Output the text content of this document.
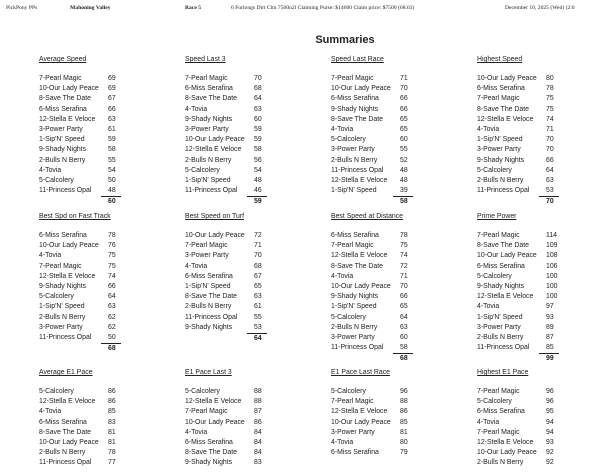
PickPony PPs	Mahoning Valley	Race 5	6 Furlongs Dirt Clm 7500n2l Claiming Purse: $14600 Claim price: $7500 (68.63)	December 10, 2025 (Wed) (2:0
Summaries
Average Speed
7-Pearl Magic	69
10-Our Lady Peace 69
8-Save The Date 67
6-Miss Serafina	66
12-Stella E Veloce 63
3-Power Party	61
1-Sip'N' Speed	59
9-Shady Nights	58
2-Bulls N Berry	55
4-Tovia	54
5-Calcolery	50
11-Princess Opal 48
60
Speed Last 3
7-Pearl Magic	70
6-Miss Serafina	68
8-Save The Date 64
4-Tovia	63
9-Shady Nights	60
3-Power Party	59
10-Our Lady Peace 59
12-Stella E Veloce 58
2-Bulls N Berry	56
5-Calcolery	54
1-Sip'N' Speed	48
11-Princess Opal 46
59
Speed Last Race
7-Pearl Magic	71
10-Our Lady Peace 70
6-Miss Serafina	66
9-Shady Nights	66
8-Save The Date 65
4-Tovia	65
5-Calcolery	60
3-Power Party	55
2-Bulls N Berry	52
11-Princess Opal 48
12-Stella E Veloce 48
1-Sip'N' Speed	39
58
Highest Speed
10-Our Lady Peace 80
6-Miss Serafina	78
7-Pearl Magic	75
8-Save The Date 75
12-Stella E Veloce 74
4-Tovia	71
1-Sip'N' Speed	70
3-Power Party	70
9-Shady Nights	66
5-Calcolery	64
2-Bulls N Berry	63
11-Princess Opal 53
70
Best Spd on Fast Track
6-Miss Serafina	78
10-Our Lady Peace 76
4-Tovia	75
7-Pearl Magic	75
12-Stella E Veloce 74
9-Shady Nights	66
5-Calcolery	64
1-Sip'N' Speed	63
2-Bulls N Berry	62
3-Power Party	62
11-Princess Opal 50
68
Best Speed on Turf
10-Our Lady Peace 72
7-Pearl Magic	71
3-Power Party	70
4-Tovia	68
6-Miss Serafina	67
1-Sip'N' Speed	65
8-Save The Date 63
2-Bulls N Berry	61
11-Princess Opal 55
9-Shady Nights	53
64
Best Speed at Distance
6-Miss Serafina	78
7-Pearl Magic	75
12-Stella E Veloce 74
8-Save The Date 72
4-Tovia	71
10-Our Lady Peace 70
9-Shady Nights	66
1-Sip'N' Speed	65
5-Calcolery	64
2-Bulls N Berry	63
3-Power Party	60
11-Princess Opal 58
68
Prime Power
7-Pearl Magic	114
8-Save The Date 109
10-Our Lady Peace 108
6-Miss Serafina	106
5-Calcolery	100
9-Shady Nights	100
12-Stella E Veloce 100
4-Tovia	97
1-Sip'N' Speed	93
3-Power Party	89
2-Bulls N Berry	87
11-Princess Opal 85
99
Average E1 Pace
5-Calcolery	86
12-Stella E Veloce 86
4-Tovia	85
6-Miss Serafina	83
8-Save The Date 81
10-Our Lady Peace 81
2-Bulls N Berry	78
11-Princess Opal 77
E1 Pace Last 3
5-Calcolery	88
12-Stella E Veloce 88
7-Pearl Magic	87
10-Our Lady Peace 86
4-Tovia	84
6-Miss Serafina	84
8-Save The Date 84
9-Shady Nights	83
E1 Pace Last Race
5-Calcolery	96
7-Pearl Magic	88
12-Stella E Veloce 86
10-Our Lady Peace 85
3-Power Party	81
4-Tovia	80
6-Miss Serafina	79
Highest E1 Pace
7-Pearl Magic	96
5-Calcolery	96
6-Miss Serafina	95
4-Tovia	94
7-Pearl Magic	94
12-Stella E Veloce 93
10-Our Lady Peace 92
2-Bulls N Berry	92
